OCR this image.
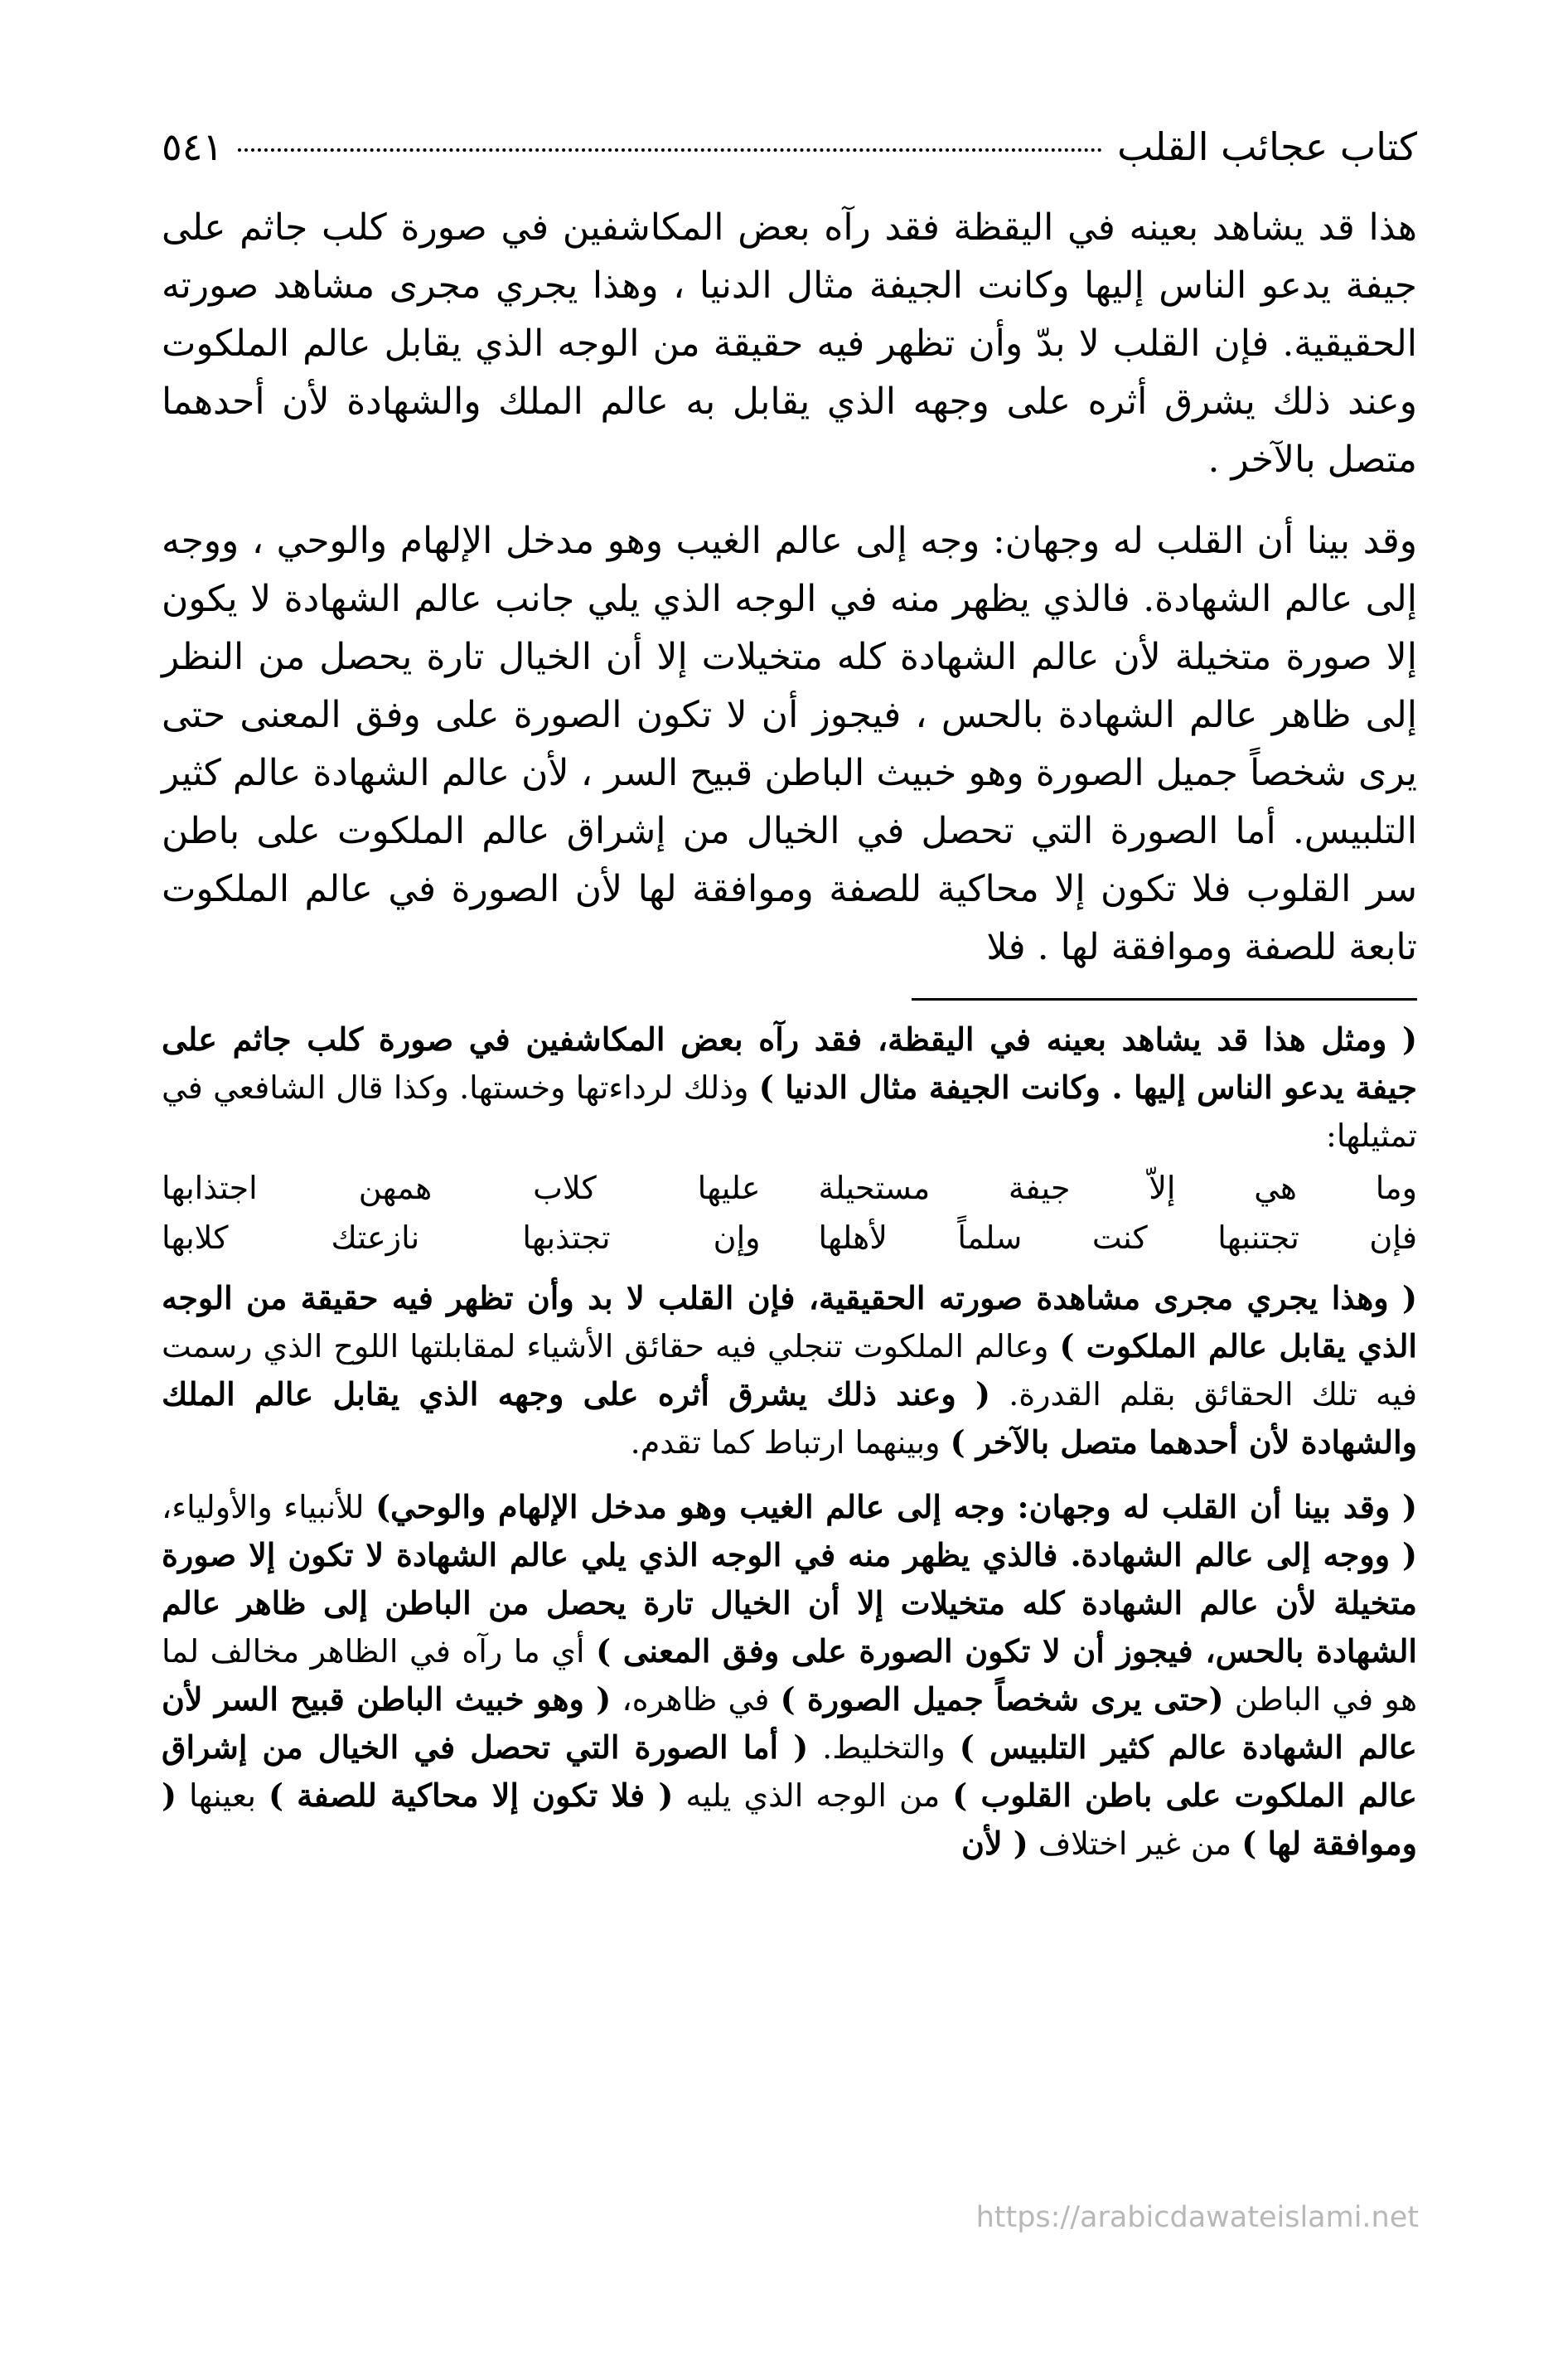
كتاب عجائب القلب
٥٤١

هذا قد يشاهد بعينه في اليقظة فقد رآه بعض المكاشفين في صورة كلب جاثم على جيفة يدعو الناس إليها وكانت الجيفة مثال الدنيا ، وهذا يجري مجرى مشاهد صورته الحقيقية. فإن القلب لا بدّ وأن تظهر فيه حقيقة من الوجه الذي يقابل عالم الملكوت وعند ذلك يشرق أثره على وجهه الذي يقابل به عالم الملك والشهادة لأن أحدهما متصل بالآخر .

وقد بينا أن القلب له وجهان: وجه إلى عالم الغيب وهو مدخل الإلهام والوحي ، ووجه إلى عالم الشهادة. فالذي يظهر منه في الوجه الذي يلي جانب عالم الشهادة لا يكون إلا صورة متخيلة لأن عالم الشهادة كله متخيلات إلا أن الخيال تارة يحصل من النظر إلى ظاهر عالم الشهادة بالحس ، فيجوز أن لا تكون الصورة على وفق المعنى حتى يرى شخصاً جميل الصورة وهو خبيث الباطن قبيح السر ، لأن عالم الشهادة عالم كثير التلبيس. أما الصورة التي تحصل في الخيال من إشراق عالم الملكوت على باطن سر القلوب فلا تكون إلا محاكية للصفة وموافقة لها لأن الصورة في عالم الملكوت تابعة للصفة وموافقة لها . فلا

( ومثل هذا قد يشاهد بعينه في اليقظة، فقد رآه بعض المكاشفين في صورة كلب جاثم على جيفة يدعو الناس إليها . وكانت الجيفة مثال الدنيا ) وذلك لرداءتها وخستها. وكذا قال الشافعي في تمثيلها:

وما هي إلاّ جيفة مستحيلة
عليها كلاب همهن اجتذابها
فإن تجتنبها كنت سلماً لأهلها
وإن تجتذبها نازعتك كلابها

( وهذا يجري مجرى مشاهدة صورته الحقيقية، فإن القلب لا بد وأن تظهر فيه حقيقة من الوجه الذي يقابل عالم الملكوت ) وعالم الملكوت تنجلي فيه حقائق الأشياء لمقابلتها اللوح الذي رسمت فيه تلك الحقائق بقلم القدرة. ( وعند ذلك يشرق أثره على وجهه الذي يقابل عالم الملك والشهادة لأن أحدهما متصل بالآخر ) وبينهما ارتباط كما تقدم.

( وقد بينا أن القلب له وجهان: وجه إلى عالم الغيب وهو مدخل الإلهام والوحي) للأنبياء والأولياء، ( ووجه إلى عالم الشهادة. فالذي يظهر منه في الوجه الذي يلي عالم الشهادة لا تكون إلا صورة متخيلة لأن عالم الشهادة كله متخيلات إلا أن الخيال تارة يحصل من الباطن إلى ظاهر عالم الشهادة بالحس، فيجوز أن لا تكون الصورة على وفق المعنى ) أي ما رآه في الظاهر مخالف لما هو في الباطن (حتى يرى شخصاً جميل الصورة ) في ظاهره، ( وهو خبيث الباطن قبيح السر لأن عالم الشهادة عالم كثير التلبيس ) والتخليط. ( أما الصورة التي تحصل في الخيال من إشراق عالم الملكوت على باطن القلوب ) من الوجه الذي يليه ( فلا تكون إلا محاكية للصفة ) بعينها ( وموافقة لها ) من غير اختلاف ( لأن

https://arabicdawateislami.net
